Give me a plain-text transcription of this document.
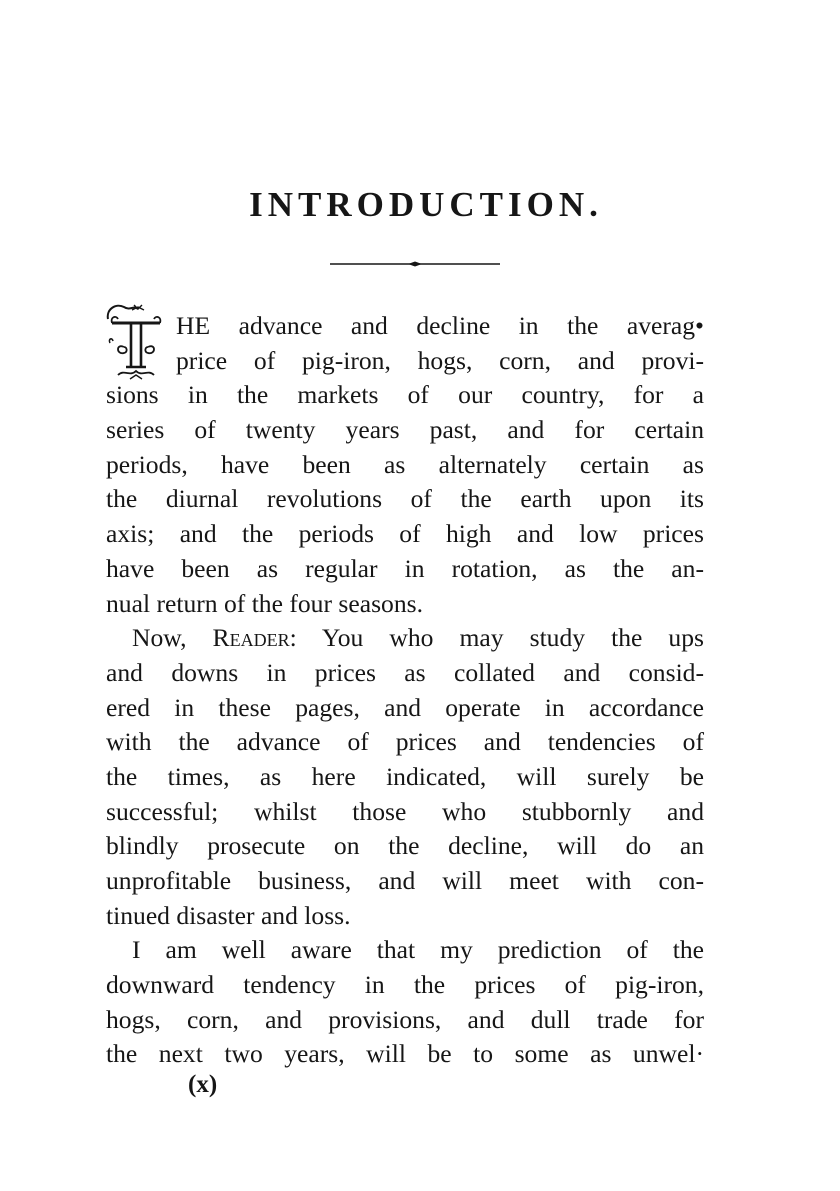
INTRODUCTION.
HE advance and decline in the averag•
price of pig-iron, hogs, corn, and provi-
sions in the markets of our country, for a
series of twenty years past, and for certain
periods, have been as alternately certain as
the diurnal revolutions of the earth upon its
axis; and the periods of high and low prices
have been as regular in rotation, as the an-
nual return of the four seasons.
Now, Reader: You who may study the ups
and downs in prices as collated and consid-
ered in these pages, and operate in accordance
with the advance of prices and tendencies of
the times, as here indicated, will surely be
successful; whilst those who stubbornly and
blindly prosecute on the decline, will do an
unprofitable business, and will meet with con-
tinued disaster and loss.
I am well aware that my prediction of the
downward tendency in the prices of pig-iron,
hogs, corn, and provisions, and dull trade for
the next two years, will be to some as unwel·
(x)
